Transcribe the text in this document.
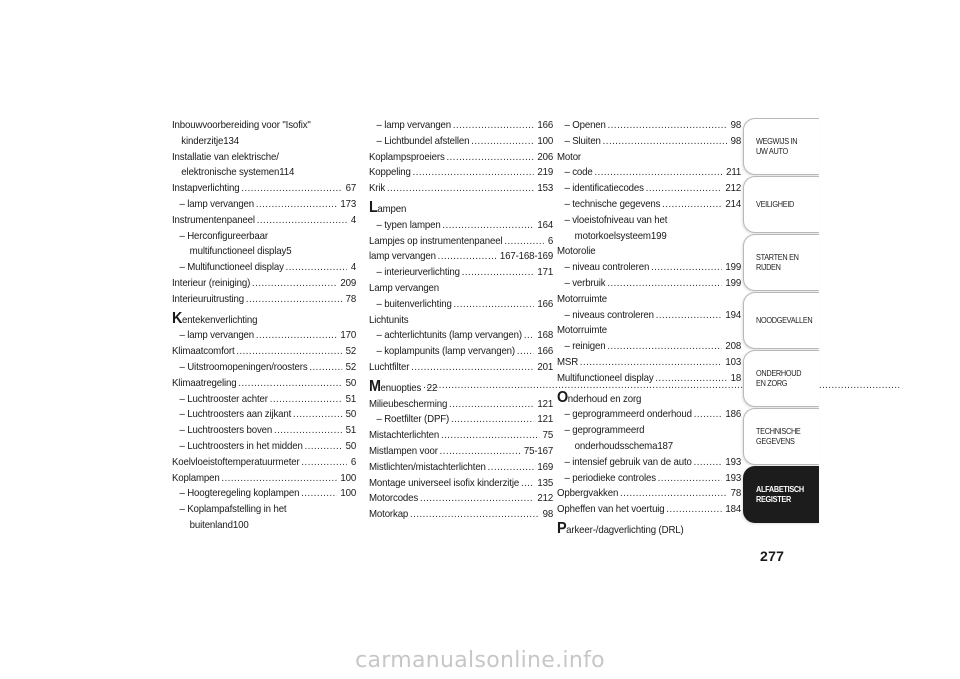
Inbouwvoorbereiding voor "Isofix"
kinderzitje 134
Installatie van elektrische/
elektronische systemen 114
Instapverlichting .....	67
– lamp vervangen .....	173
Instrumentenpaneel .....	4
– Herconfigureerbaar
multifunctioneel display 5
– Multifunctioneel display .....	4
Interieur (reiniging) .....	209
Interieuruitrusting .....	78
Kentekenverlichting
– lamp vervangen .....	170
Klimaatcomfort .....	52
– Uitstroomopeningen/roosters .....	52
Klimaatregeling .....	50
– Luchtrooster achter .....	51
– Luchtroosters aan zijkant .....	50
– Luchtroosters boven .....	51
– Luchtroosters in het midden .....	50
Koelvloeistoftemperatuurmeter .....	6
Koplampen .....	100
– Hoogteregeling koplampen .....	100
– Koplampafstelling in het
buitenland 100
– lamp vervangen .....	166
– Lichtbundel afstellen .....	100
Koplampsproeiers .....	206
Koppeling .....	219
Krik .....	153
Lampen
– typen lampen .....	164
Lampjes op instrumentenpaneel .....	6
lamp vervangen .....	167-168-169
– interieurverlichting .....	171
Lamp vervangen
– buitenverlichting .....	166
Lichtunits
– achterlichtunits (lamp vervangen) ..... 168
– koplampunits (lamp vervangen) ..... 166
Luchtfilter .....	201
Menuopties 22
Milieubescherming .....	121
– Roetfilter (DPF) .....	121
Mistachterlichten .....	75
Mistlampen voor .....	75-167
Mistlichten/mistachterlichten .....	169
Montage universeel isofix kinderzitje ..... 135
Motorcodes .....	212
Motorkap .....	98
– Openen .....	98
– Sluiten .....	98
Motor
– code .....	211
– identificatiecodes .....	212
– technische gegevens .....	214
– vloeistofniveau van het
motorkoelsysteem 199
Motorolie
– niveau controleren .....	199
– verbruik .....	199
Motorruimte
– niveaus controleren .....	194
Motorruimte
– reinigen .....	208
MSR .....	103
Multifunctioneel display .....	18
Onderhoud en zorg
– geprogrammeerd onderhoud .....	186
– geprogrammeerd
onderhoudsschema 187
– intensief gebruik van de auto .....	193
– periodieke controles .....	193
Opbergvakken .....	78
Opheffen van het voertuig .....	184
Parkeer-/dagverlichting (DRL)
WEGWIJS IN UW AUTO
VEILIGHEID
STARTEN EN RIJDEN
NOODGEVALLEN
ONDERHOUD EN ZORG
TECHNISCHE GEGEVENS
ALFABETISCH REGISTER
277
carmanualsonline.info
